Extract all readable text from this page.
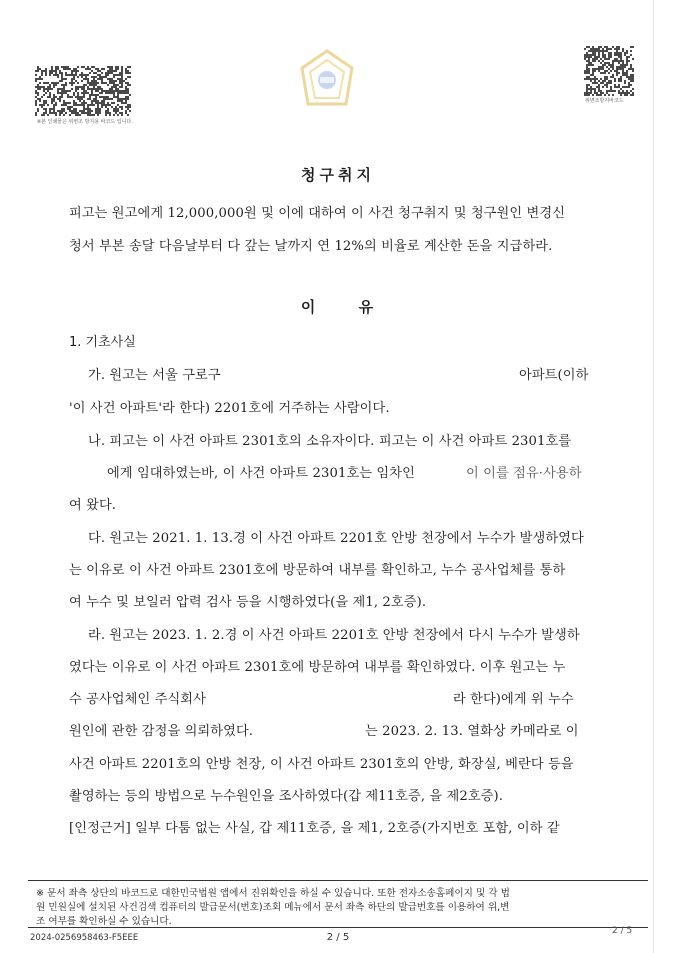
※본 인쇄물은 위변조 방지용 바코드 입니다.
위변조방지바코드
청구취지
피고는 원고에게 12,000,000원 및 이에 대하여 이 사건 청구취지 및 청구원인 변경신
청서 부본 송달 다음날부터 다 갚는 날까지 연 12%의 비율로 계산한 돈을 지급하라.
이 유
1. 기초사실
가. 원고는 서울 구로구	아파트(이하
'이 사건 아파트'라 한다) 2201호에 거주하는 사람이다.
나. 피고는 이 사건 아파트 2301호의 소유자이다. 피고는 이 사건 아파트 2301호를
에게 임대하였는바, 이 사건 아파트 2301호는 임차인	이 이를 점유·사용하
여 왔다.
다. 원고는 2021. 1. 13.경 이 사건 아파트 2201호 안방 천장에서 누수가 발생하였다
는 이유로 이 사건 아파트 2301호에 방문하여 내부를 확인하고, 누수 공사업체를 통하
여 누수 및 보일러 압력 검사 등을 시행하였다(을 제1, 2호증).
라. 원고는 2023. 1. 2.경 이 사건 아파트 2201호 안방 천장에서 다시 누수가 발생하
였다는 이유로 이 사건 아파트 2301호에 방문하여 내부를 확인하였다. 이후 원고는 누
수 공사업체인 주식회사	라 한다)에게 위 누수
원인에 관한 감정을 의뢰하였다.	는 2023. 2. 13. 열화상 카메라로 이
사건 아파트 2201호의 안방 천장, 이 사건 아파트 2301호의 안방, 화장실, 베란다 등을
촬영하는 등의 방법으로 누수원인을 조사하였다(갑 제11호증, 을 제2호증).
[인정근거] 일부 다툼 없는 사실, 갑 제11호증, 을 제1, 2호증(가지번호 포함, 이하 같
※ 문서 좌측 상단의 바코드로 대한민국법원 앱에서 진위확인을 하실 수 있습니다. 또한 전자소송홈페이지 및 각 법
원 민원실에 설치된 사건검색 컴퓨터의 발급문서(번호)조회 메뉴에서 문서 좌측 하단의 발급번호를 이용하여 위,변
조 여부를 확인하실 수 있습니다.
2024-0256958463-F5EEE	2 / 5
2 / 5
